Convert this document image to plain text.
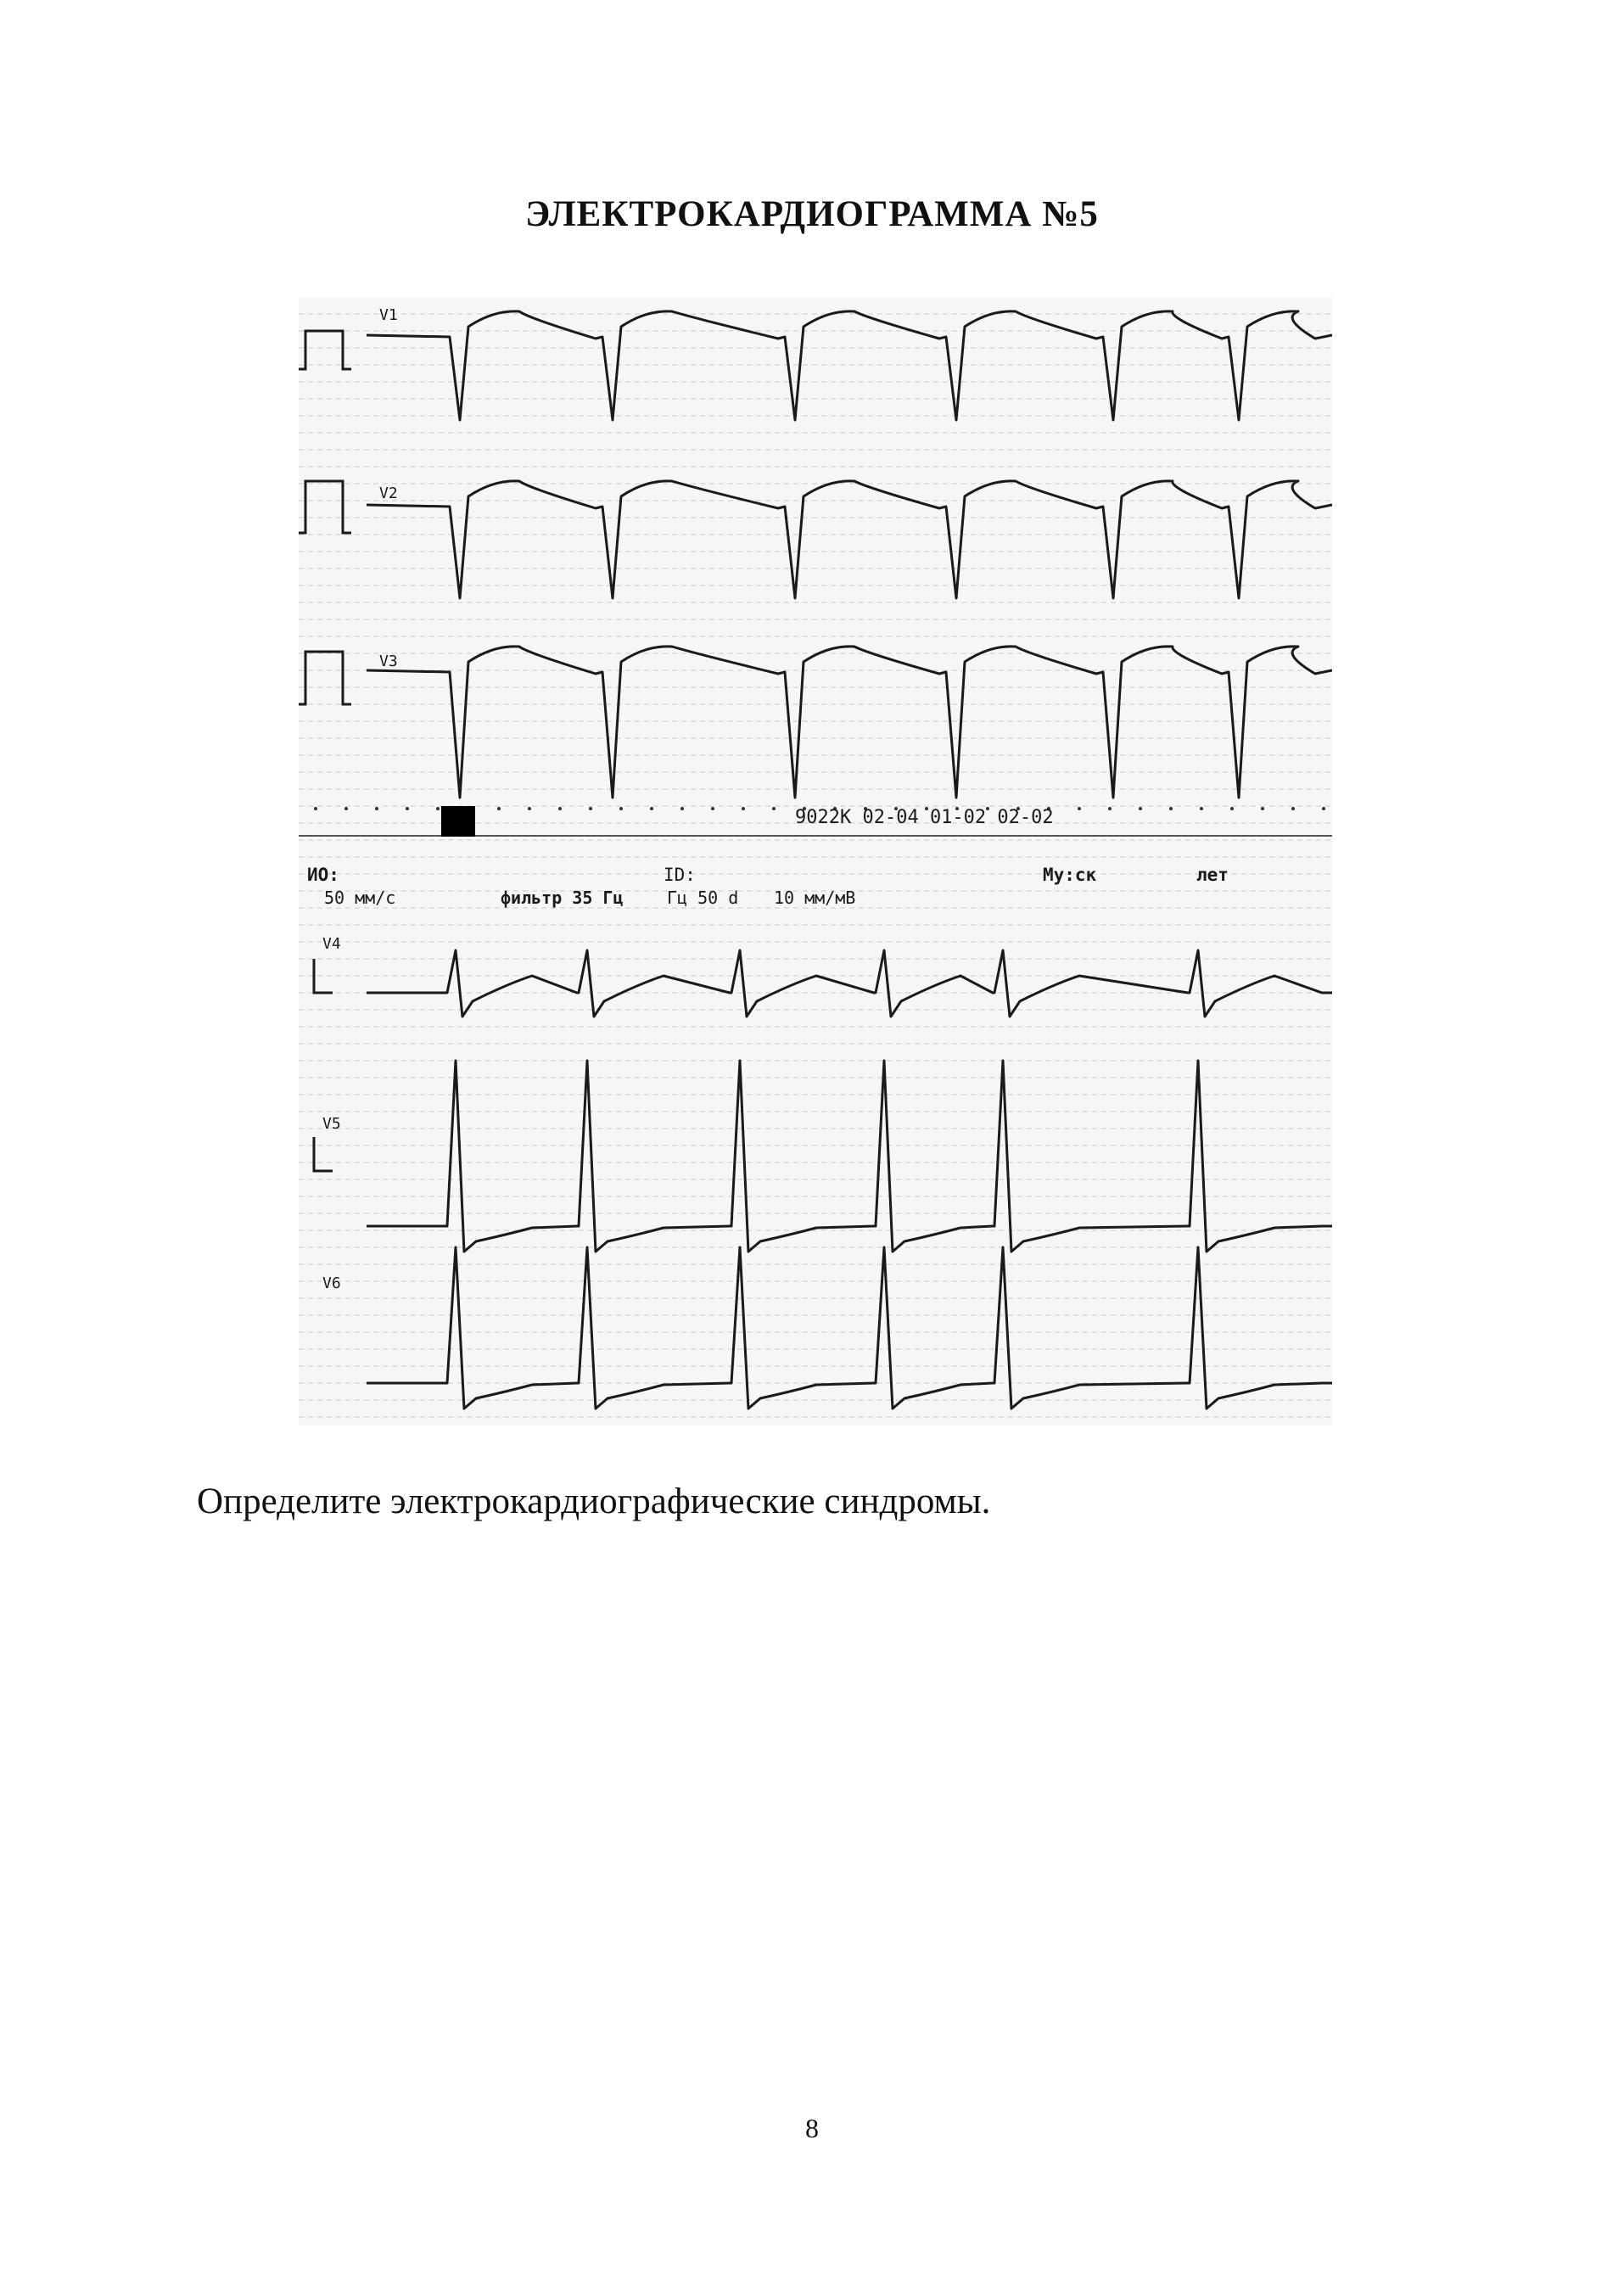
ЭЛЕКТРОКАРДИОГРАММА №5
V1
V2
V3
V4
V5
V6
9022К 02-04 01-02 02-02
ИО:	ID:	Му:ск	лет
50 мм/с	фильтр 35 Гц	Гц 50 d 10 мм/мВ
Определите электрокардиографические синдромы.
8
